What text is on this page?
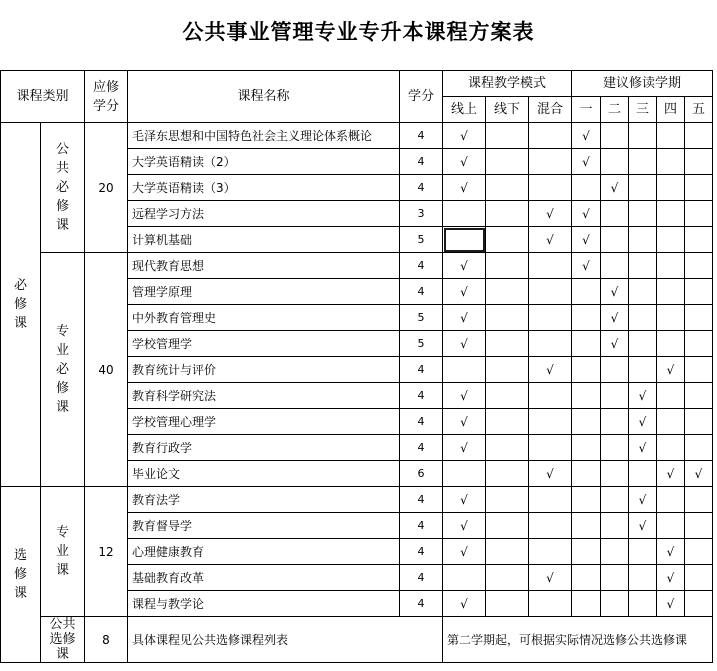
公共事业管理专业专升本课程方案表
课程类别		应修学分	课程名称	学分	课程教学模式			建议修读学期				
					线上	线下	混合	一	二	三	四	五
必修课	公共必修课	20	毛泽东思想和中国特色社会主义理论体系概论	4	√			√				
			大学英语精读（2）	4	√			√				
			大学英语精读（3）	4	√				√			
			远程学习方法	3			√	√				
			计算机基础	5			√	√				
	专业必修课	40	现代教育思想	4	√			√				
			管理学原理	4	√				√			
			中外教育管理史	5	√				√			
			学校管理学	5	√				√			
			教育统计与评价	4			√				√	
			教育科学研究法	4	√					√		
			学校管理心理学	4	√					√		
			教育行政学	4	√					√		
			毕业论文	6			√				√	√
选修课	专业课	12	教育法学	4	√					√		
			教育督导学	4	√					√		
			心理健康教育	4	√						√	
			基础教育改革	4			√				√	
			课程与教学论	4	√						√	
	公共选修课	8	具体课程见公共选修课程列表		第二学期起，可根据实际情况选修公共选修课							
